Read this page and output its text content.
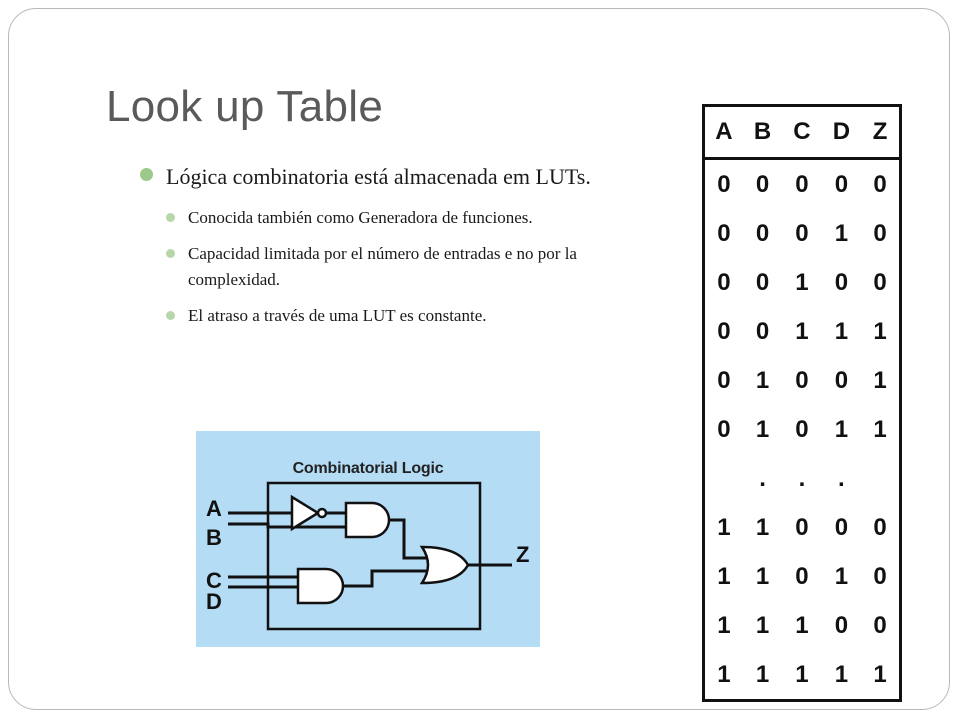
Look up Table

Lógica combinatoria está almacenada em LUTs.

Conocida también como Generadora de funciones.

Capacidad limitada por el número de entradas e no por la complexidad.

El atraso a través de uma LUT es constante.

Combinatorial Logic
A
B
C
D
Z
A	B	C	D	Z
0	0	0	0	0
0	0	0	1	0
0	0	1	0	0
0	0	1	1	1
0	1	0	0	1
0	1	0	1	1
	.	.	.	
1	1	0	0	0
1	1	0	1	0
1	1	1	0	0
1	1	1	1	1
